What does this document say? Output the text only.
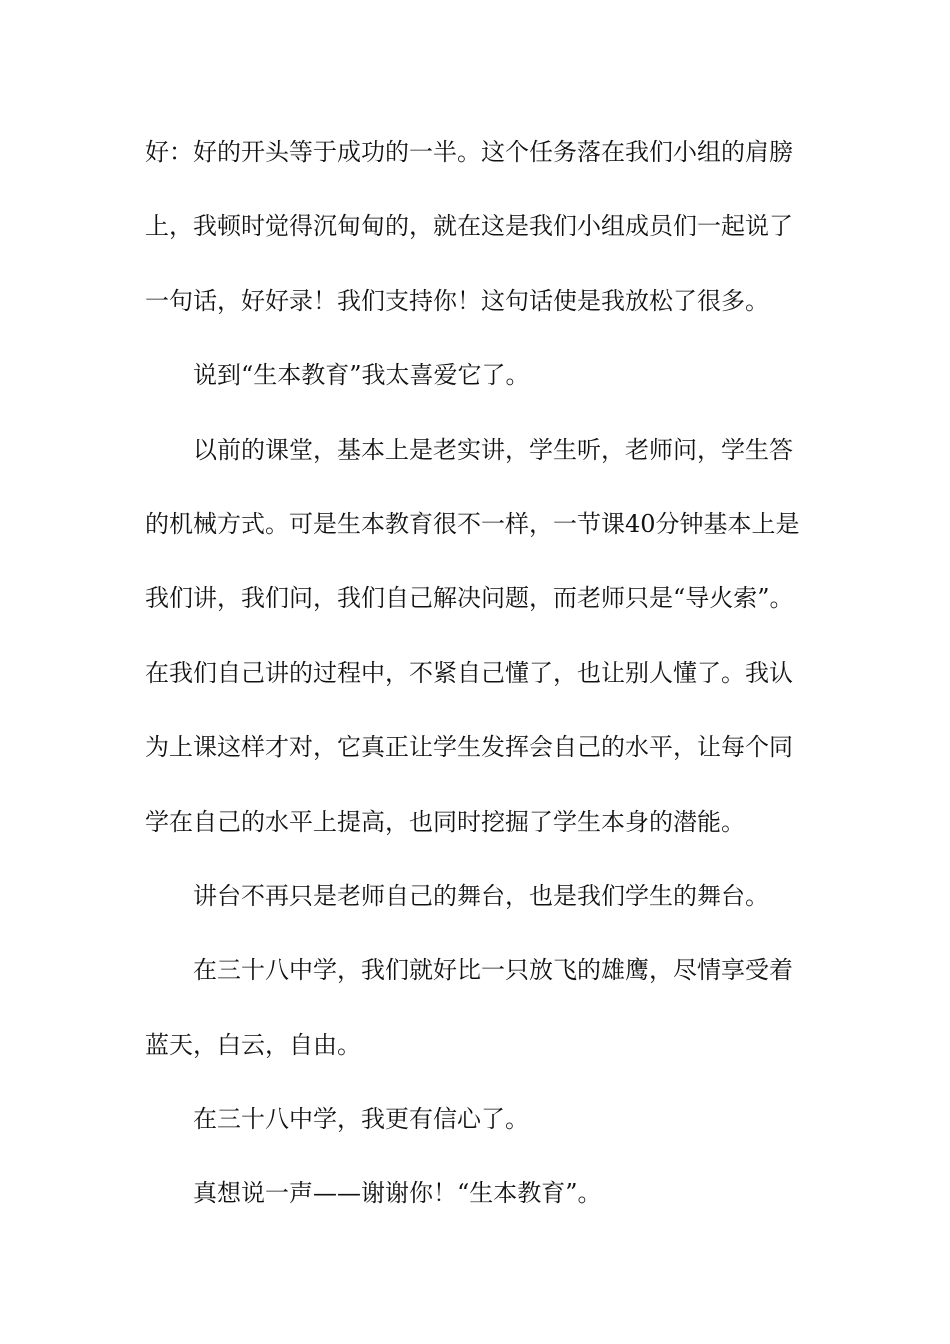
好：好的开头等于成功的一半。这个任务落在我们小组的肩膀
上，我顿时觉得沉甸甸的，就在这是我们小组成员们一起说了
一句话，好好录！我们支持你！这句话使是我放松了很多。
说到“生本教育”我太喜爱它了。
以前的课堂，基本上是老实讲，学生听，老师问，学生答
的机械方式。可是生本教育很不一样，一节课40分钟基本上是
我们讲，我们问，我们自己解决问题，而老师只是“导火索”。
在我们自己讲的过程中，不紧自己懂了，也让别人懂了。我认
为上课这样才对，它真正让学生发挥会自己的水平，让每个同
学在自己的水平上提高，也同时挖掘了学生本身的潜能。
讲台不再只是老师自己的舞台，也是我们学生的舞台。
在三十八中学，我们就好比一只放飞的雄鹰，尽情享受着
蓝天，白云，自由。
在三十八中学，我更有信心了。
真想说一声——谢谢你！“生本教育”。
